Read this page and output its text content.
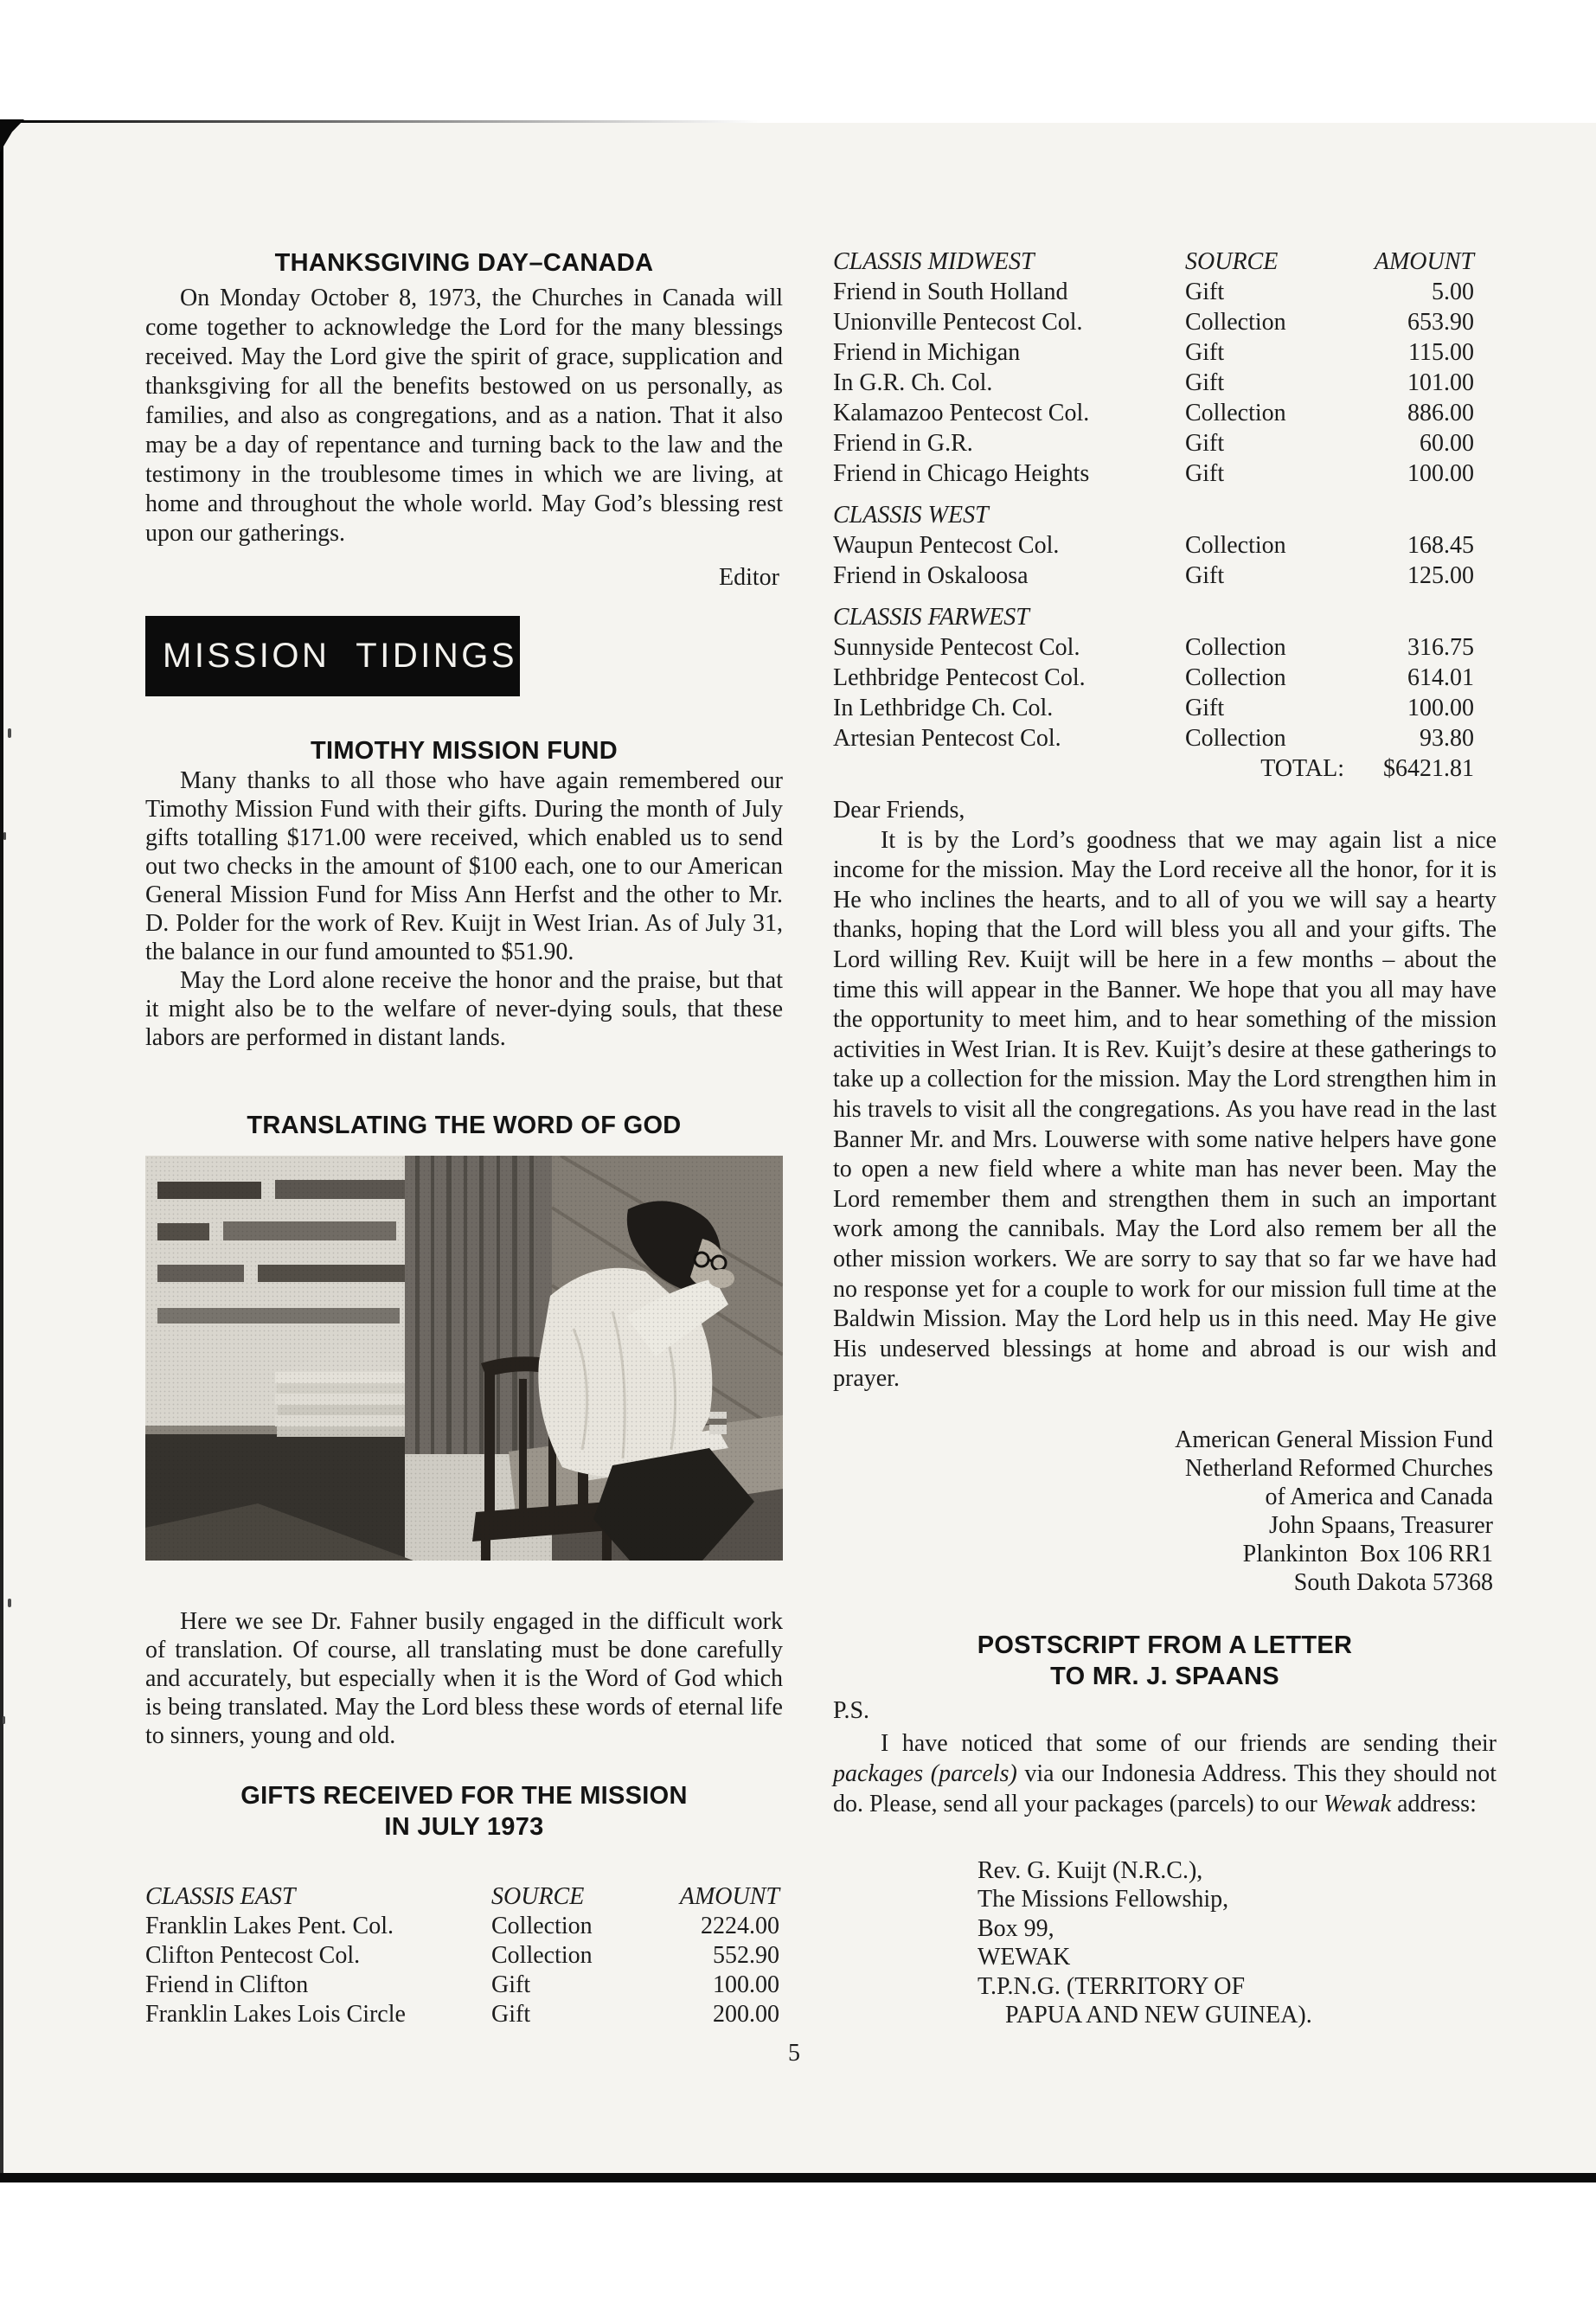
THANKSGIVING DAY–CANADA

On Monday October 8, 1973, the Churches in Canada will come together to acknowledge the Lord for the many blessings received. May the Lord give the spirit of grace, supplication and thanksgiving for all the benefits bestowed on us personally, as families, and also as congregations, and as a nation. That it also may be a day of repentance and turning back to the law and the testimony in the troublesome times in which we are living, at home and throughout the whole world. May God’s blessing rest upon our gatherings.

Editor
MISSION TIDINGS
TIMOTHY MISSION FUND

Many thanks to all those who have again remembered our Timothy Mission Fund with their gifts. During the month of July gifts totalling $171.00 were received, which enabled us to send out two checks in the amount of $100 each, one to our American General Mission Fund for Miss Ann Herfst and the other to Mr. D. Polder for the work of Rev. Kuijt in West Irian. As of July 31, the balance in our fund amounted to $51.90.

May the Lord alone receive the honor and the praise, but that it might also be to the welfare of never-dying souls, that these labors are performed in distant lands.

TRANSLATING THE WORD OF GOD

Here we see Dr. Fahner busily engaged in the difficult work of translation. Of course, all translating must be done carefully and accurately, but especially when it is the Word of God which is being translated. May the Lord bless these words of eternal life to sinners, young and old.

GIFTS RECEIVED FOR THE MISSION
IN JULY 1973
CLASSIS EAST	SOURCE	AMOUNT
Franklin Lakes Pent. Col.	Collection	2224.00
Clifton Pentecost Col.	Collection	552.90
Friend in Clifton	Gift	100.00
Franklin Lakes Lois Circle	Gift	200.00
5
CLASSIS MIDWEST	SOURCE	AMOUNT
Friend in South Holland	Gift	5.00
Unionville Pentecost Col.	Collection	653.90
Friend in Michigan	Gift	115.00
In G.R. Ch. Col.	Gift	101.00
Kalamazoo Pentecost Col.	Collection	886.00
Friend in G.R.	Gift	60.00
Friend in Chicago Heights	Gift	100.00
CLASSIS WEST
Waupun Pentecost Col.	Collection	168.45
Friend in Oskaloosa	Gift	125.00
CLASSIS FARWEST
Sunnyside Pentecost Col.	Collection	316.75
Lethbridge Pentecost Col.	Collection	614.01
In Lethbridge Ch. Col.	Gift	100.00
Artesian Pentecost Col.	Collection	93.80
TOTAL:	$6421.81

Dear Friends,

It is by the Lord’s goodness that we may again list a nice income for the mission. May the Lord receive all the honor, for it is He who inclines the hearts, and to all of you we will say a hearty thanks, hoping that the Lord will bless you all and your gifts. The Lord willing Rev. Kuijt will be here in a few months – about the time this will appear in the Banner. We hope that you all may have the opportunity to meet him, and to hear something of the mission activities in West Irian. It is Rev. Kuijt’s desire at these gatherings to take up a collection for the mission. May the Lord strengthen him in his travels to visit all the congregations. As you have read in the last Banner Mr. and Mrs. Louwerse with some native helpers have gone to open a new field where a white man has never been. May the Lord remember them and strengthen them in such an important work among the cannibals. May the Lord also remem ber all the other mission workers. We are sorry to say that so far we have had no response yet for a couple to work for our mission full time at the Baldwin Mission. May the Lord help us in this need. May He give His undeserved blessings at home and abroad is our wish and prayer.

American General Mission Fund
Netherland Reformed Churches
of America and Canada
John Spaans, Treasurer
Plankinton  Box 106 RR1
South Dakota 57368
POSTSCRIPT FROM A LETTER
TO MR. J. SPAANS
P.S.

I have noticed that some of our friends are sending their packages (parcels) via our Indonesia Address. This they should not do. Please, send all your packages (parcels) to our Wewak address:

Rev. G. Kuijt (N.R.C.),
The Missions Fellowship,
Box 99,
WEWAK
T.P.N.G. (TERRITORY OF
PAPUA AND NEW GUINEA).
